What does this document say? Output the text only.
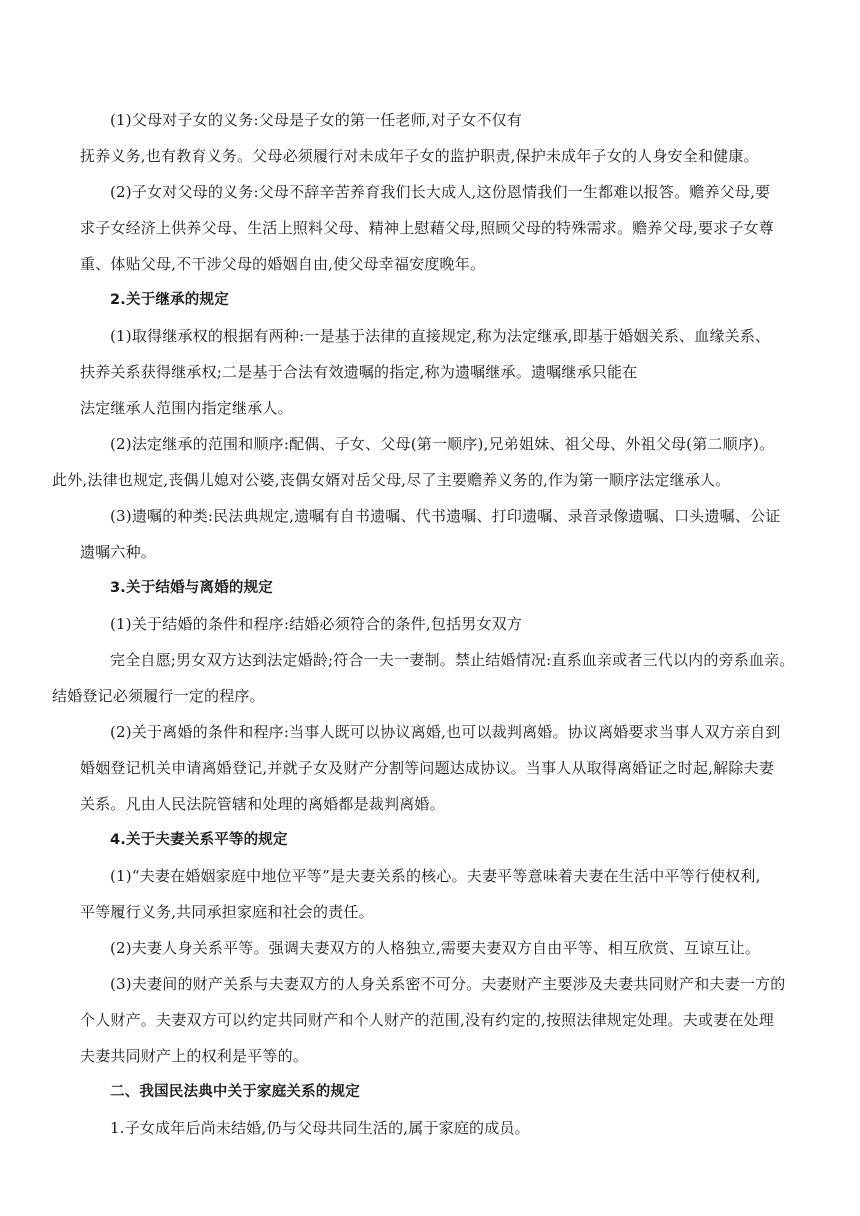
(1)父母对子女的义务:父母是子女的第一任老师,对子女不仅有
抚养义务,也有教育义务。父母必须履行对未成年子女的监护职责,保护未成年子女的人身安全和健康。
(2)子女对父母的义务:父母不辞辛苦养育我们长大成人,这份恩情我们一生都难以报答。赡养父母,要
求子女经济上供养父母、生活上照料父母、精神上慰藉父母,照顾父母的特殊需求。赡养父母,要求子女尊
重、体贴父母,不干涉父母的婚姻自由,使父母幸福安度晚年。
2.关于继承的规定
(1)取得继承权的根据有两种:一是基于法律的直接规定,称为法定继承,即基于婚姻关系、血缘关系、
扶养关系获得继承权;二是基于合法有效遗嘱的指定,称为遗嘱继承。遗嘱继承只能在
法定继承人范围内指定继承人。
(2)法定继承的范围和顺序:配偶、子女、父母(第一顺序),兄弟姐妹、祖父母、外祖父母(第二顺序)。
此外,法律也规定,丧偶儿媳对公婆,丧偶女婿对岳父母,尽了主要赡养义务的,作为第一顺序法定继承人。
(3)遗嘱的种类:民法典规定,遗嘱有自书遗嘱、代书遗嘱、打印遗嘱、录音录像遗嘱、口头遗嘱、公证
遗嘱六种。
3.关于结婚与离婚的规定
(1)关于结婚的条件和程序:结婚必须符合的条件,包括男女双方
完全自愿;男女双方达到法定婚龄;符合一夫一妻制。禁止结婚情况:直系血亲或者三代以内的旁系血亲。
结婚登记必须履行一定的程序。
(2)关于离婚的条件和程序:当事人既可以协议离婚,也可以裁判离婚。协议离婚要求当事人双方亲自到
婚姻登记机关申请离婚登记,并就子女及财产分割等问题达成协议。当事人从取得离婚证之时起,解除夫妻
关系。凡由人民法院管辖和处理的离婚都是裁判离婚。
4.关于夫妻关系平等的规定
(1)“夫妻在婚姻家庭中地位平等”是夫妻关系的核心。夫妻平等意味着夫妻在生活中平等行使权利,
平等履行义务,共同承担家庭和社会的责任。
(2)夫妻人身关系平等。强调夫妻双方的人格独立,需要夫妻双方自由平等、相互欣赏、互谅互让。
(3)夫妻间的财产关系与夫妻双方的人身关系密不可分。夫妻财产主要涉及夫妻共同财产和夫妻一方的
个人财产。夫妻双方可以约定共同财产和个人财产的范围,没有约定的,按照法律规定处理。夫或妻在处理
夫妻共同财产上的权利是平等的。
二、我国民法典中关于家庭关系的规定
1.子女成年后尚未结婚,仍与父母共同生活的,属于家庭的成员。
